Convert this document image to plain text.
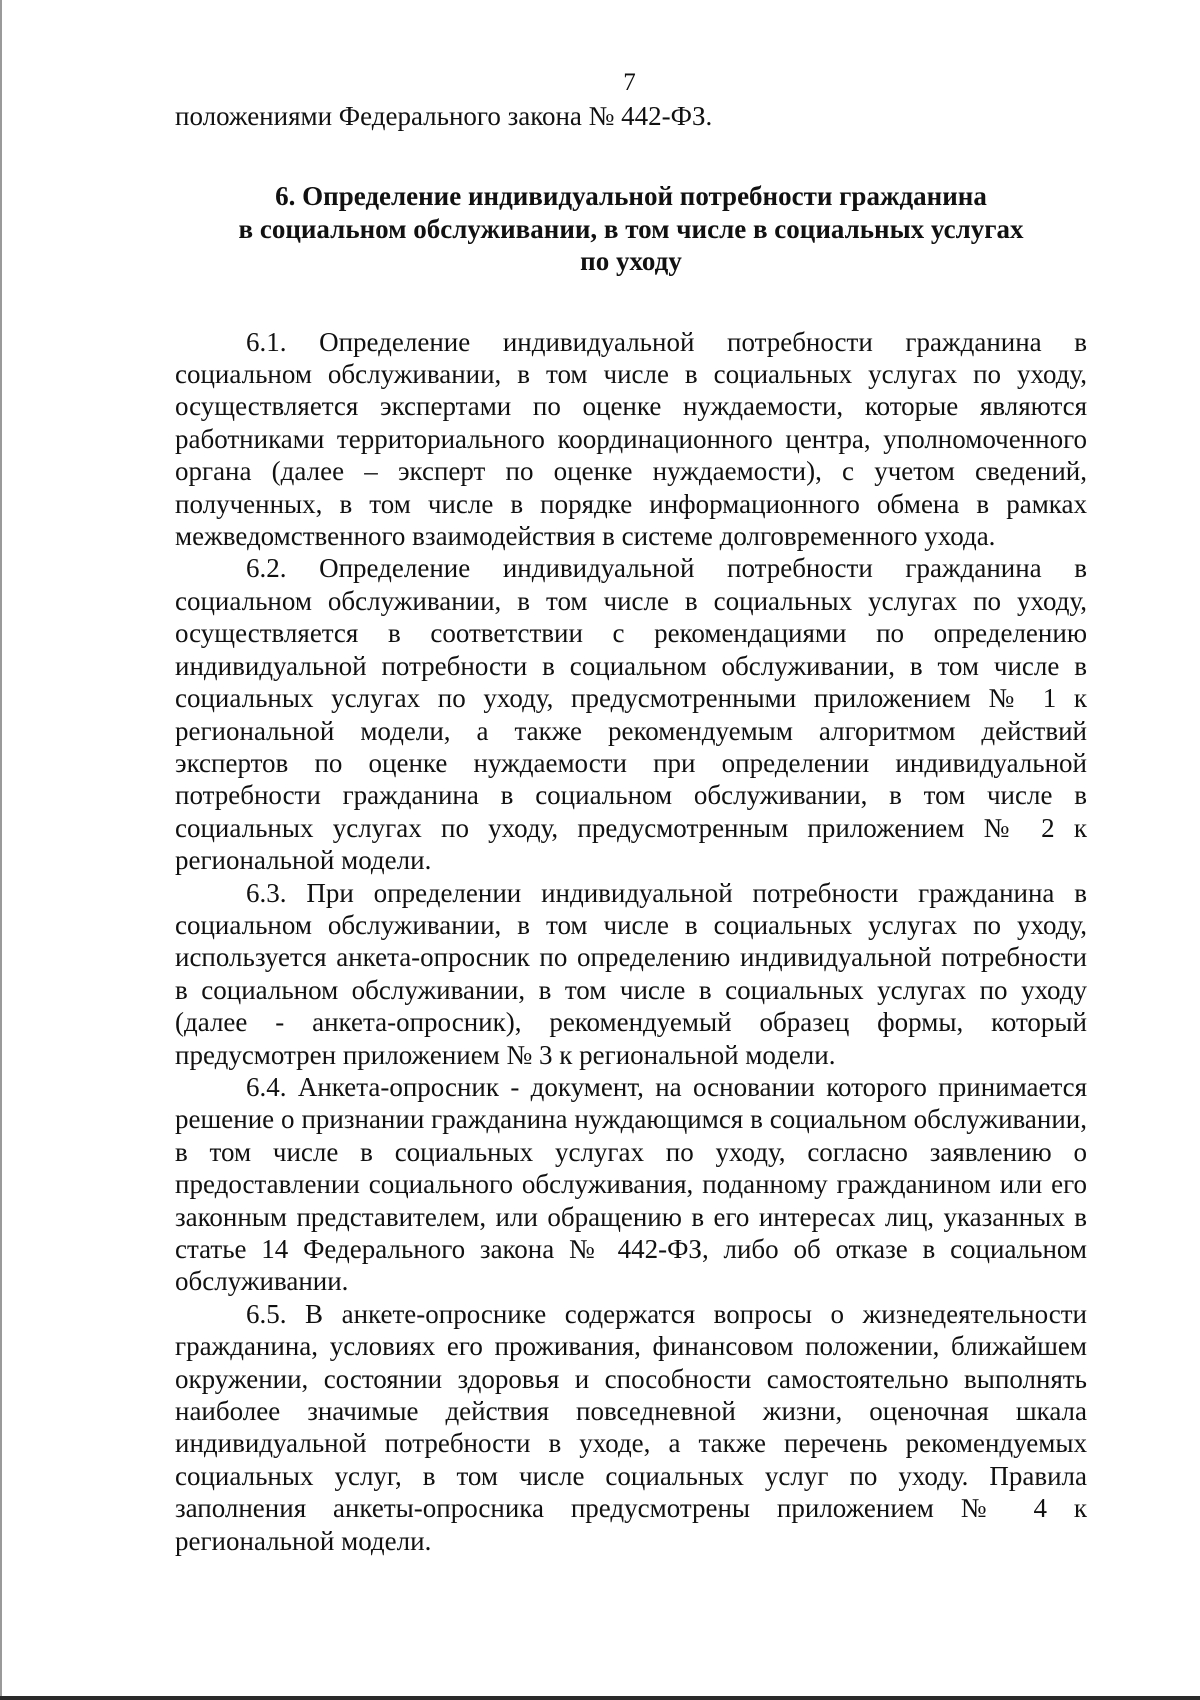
7

положениями Федерального закона № 442-ФЗ.

6. Определение индивидуальной потребности гражданина
в социальном обслуживании, в том числе в социальных услугах
по уходу

6.1. Определение индивидуальной потребности гражданина в социальном обслуживании, в том числе в социальных услугах по уходу, осуществляется экспертами по оценке нуждаемости, которые являются работниками территориального координационного центра, уполномоченного органа (далее – эксперт по оценке нуждаемости), с учетом сведений, полученных, в том числе в порядке информационного обмена в рамках межведомственного взаимодействия в системе долговременного ухода.

6.2. Определение индивидуальной потребности гражданина в социальном обслуживании, в том числе в социальных услугах по уходу, осуществляется в соответствии с рекомендациями по определению индивидуальной потребности в социальном обслуживании, в том числе в социальных услугах по уходу, предусмотренными приложением № 1 к региональной модели, а также рекомендуемым алгоритмом действий экспертов по оценке нуждаемости при определении индивидуальной потребности гражданина в социальном обслуживании, в том числе в социальных услугах по уходу, предусмотренным приложением № 2 к региональной модели.

6.3. При определении индивидуальной потребности гражданина в социальном обслуживании, в том числе в социальных услугах по уходу, используется анкета-опросник по определению индивидуальной потребности в социальном обслуживании, в том числе в социальных услугах по уходу (далее - анкета-опросник), рекомендуемый образец формы, который предусмотрен приложением № 3 к региональной модели.

6.4. Анкета-опросник - документ, на основании которого принимается решение о признании гражданина нуждающимся в социальном обслуживании, в том числе в социальных услугах по уходу, согласно заявлению о предоставлении социального обслуживания, поданному гражданином или его законным представителем, или обращению в его интересах лиц, указанных в статье 14 Федерального закона № 442-ФЗ, либо об отказе в социальном обслуживании.

6.5. В анкете-опроснике содержатся вопросы о жизнедеятельности гражданина, условиях его проживания, финансовом положении, ближайшем окружении, состоянии здоровья и способности самостоятельно выполнять наиболее значимые действия повседневной жизни, оценочная шкала индивидуальной потребности в уходе, а также перечень рекомендуемых социальных услуг, в том числе социальных услуг по уходу. Правила заполнения анкеты-опросника предусмотрены приложением № 4 к региональной модели.
